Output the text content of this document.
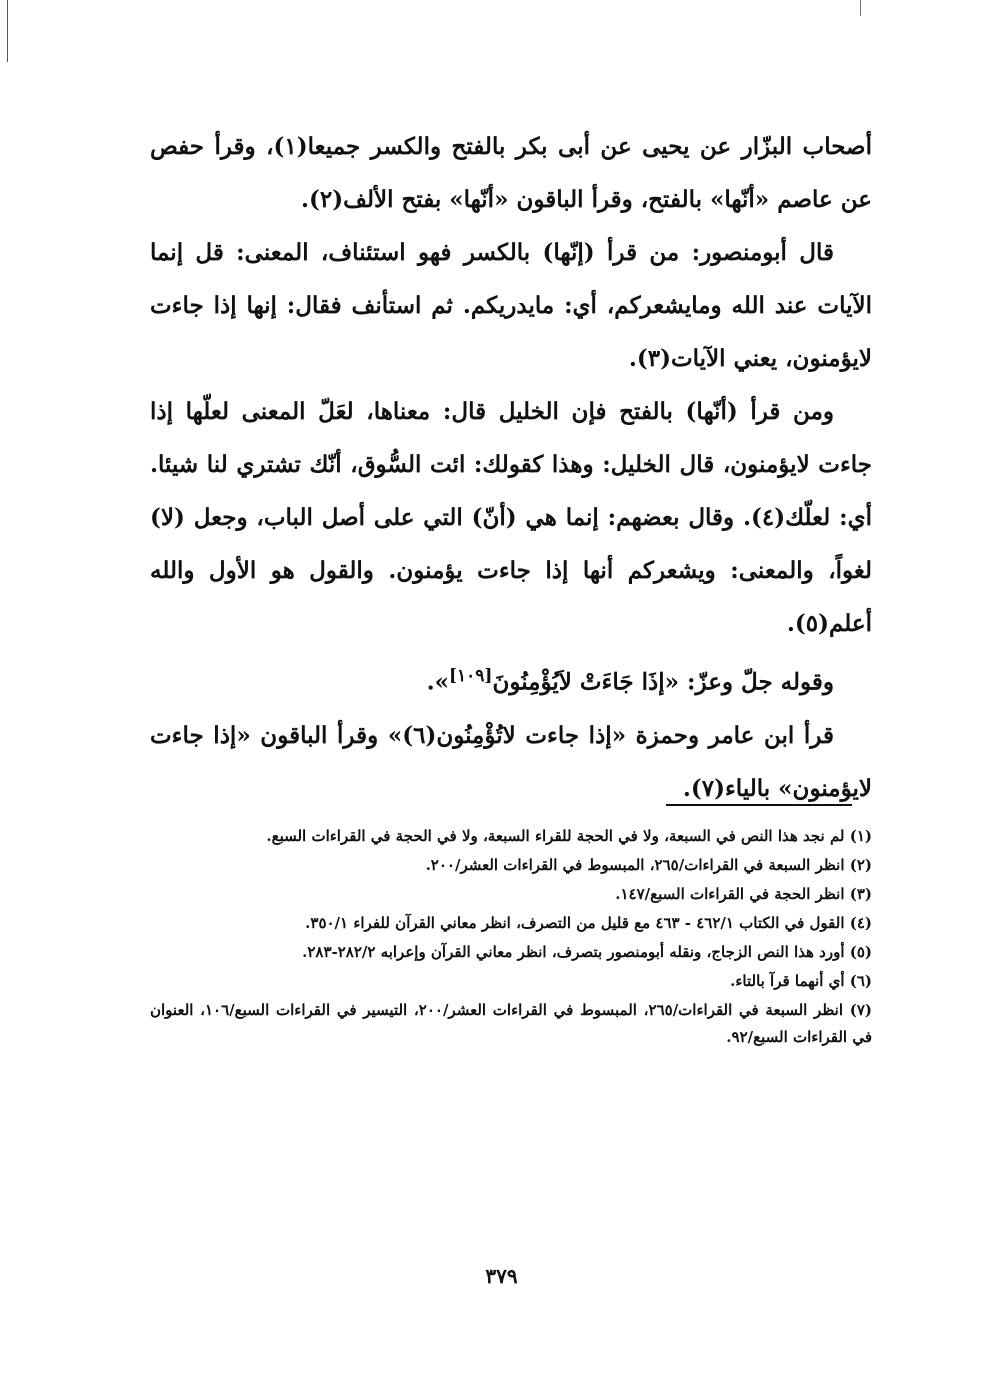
أصحاب البزّار عن يحيى عن أبى بكر بالفتح والكسر جميعا(١)، وقرأ حفص عن عاصم «أنّها» بالفتح، وقرأ الباقون «أنّها» بفتح الألف(٢).

قال أبومنصور: من قرأ (إنّها) بالكسر فهو استئناف، المعنى: قل إنما الآيات عند الله ومايشعركم، أي: مايدريكم. ثم استأنف فقال: إنها إذا جاءت لايؤمنون، يعني الآيات(٣).

ومن قرأ (أنّها) بالفتح فإن الخليل قال: معناها، لعَلّ المعنى لعلّها إذا جاءت لايؤمنون، قال الخليل: وهذا كقولك: ائت السُّوق، أنّك تشتري لنا شيئا. أي: لعلّك(٤). وقال بعضهم: إنما هي (أنّ) التي على أصل الباب، وجعل (لا) لغواً، والمعنى: ويشعركم أنها إذا جاءت يؤمنون. والقول هو الأول والله أعلم(٥).

وقوله جلّ وعزّ: «إذَا جَاءَتْ لاَيُؤْمِنُونَ[١٠٩]».

قرأ ابن عامر وحمزة «إذا جاءت لاتُؤْمِنُون(٦)» وقرأ الباقون «إذا جاءت لايؤمنون» بالياء(٧).

(١) لم نجد هذا النص في السبعة، ولا في الحجة للقراء السبعة، ولا في الحجة في القراءات السبع.

(٢) انظر السبعة في القراءات/٢٦٥، المبسوط في القراءات العشر/٢٠٠.

(٣) انظر الحجة في القراءات السبع/١٤٧.

(٤) القول في الكتاب ٤٦٢/١ - ٤٦٣ مع قليل من التصرف، انظر معاني القرآن للفراء ٣٥٠/١.

(٥) أورد هذا النص الزجاج، ونقله أبومنصور بتصرف، انظر معاني القرآن وإعرابه ٢٨٢/٢-٢٨٣.

(٦) أي أنهما قرآ بالتاء.

(٧) انظر السبعة في القراءات/٢٦٥، المبسوط في القراءات العشر/٢٠٠، التيسير في القراءات السبع/١٠٦، العنوان في القراءات السبع/٩٢.

٣٧٩
